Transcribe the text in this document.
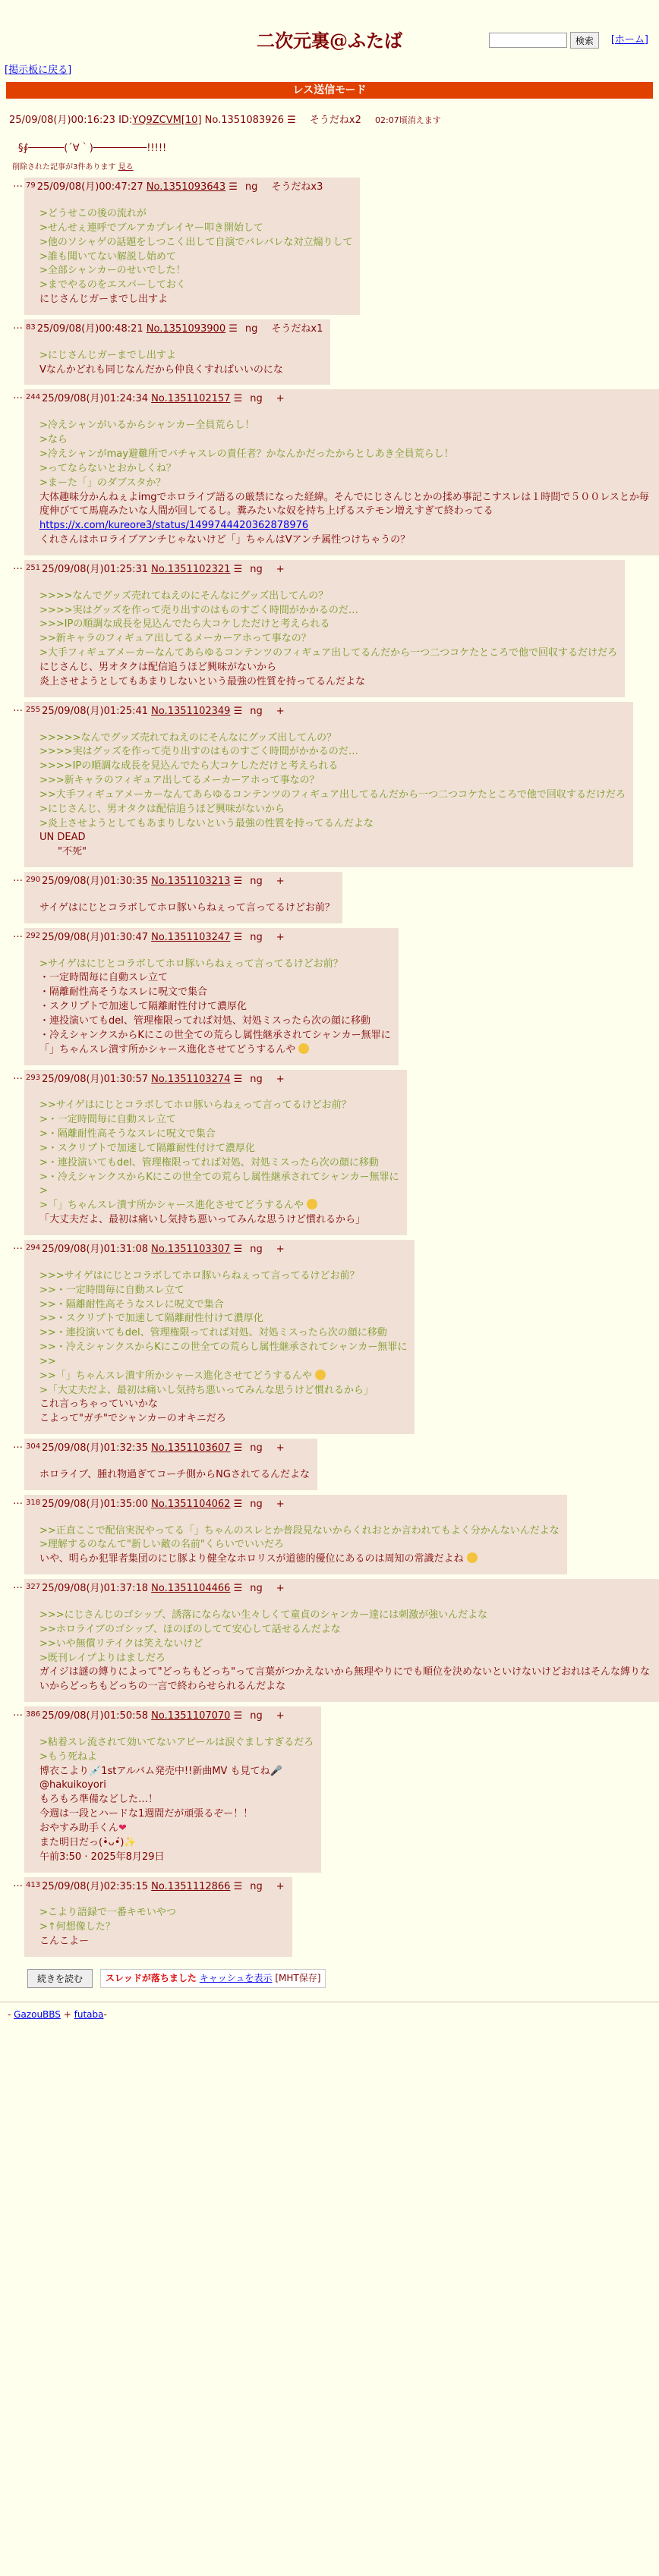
二次元裏@ふたば	検索	[ホーム]
[掲示板に戻る]
レス送信モード
25/09/08(月)00:16:23 ID:YQ9ZCVM[10] No.1351083926 ☰ そうだねx2 02:07頃消えます
§∮──────(´∀｀)─────────!!!!!
削除された記事が3件あります 見る
… $^{79}$ 25/09/08(月)00:47:27 No.1351093643 ☰ ng そうだねx3
>どうせこの後の流れが
>せんせぇ連呼でブルアカプレイヤー叩き開始して
>他のソシャゲの話題をしつこく出して自演でバレバレな対立煽りして
>誰も聞いてない解説し始めて
>全部シャンカーのせいでした！
>までやるのをエスパーしておく
にじさんじガーまでし出すよ
… $^{83}$ 25/09/08(月)00:48:21 No.1351093900 ☰ ng そうだねx1
>にじさんじガーまでし出すよ
Vなんかどれも同じなんだから仲良くすればいいのにな
… $^{244}$ 25/09/08(月)01:24:34 No.1351102157 ☰ ng +
>冷えシャンがいるからシャンカー全員荒らし！
>なら
>冷えシャンがmay避難所でバチャスレの責任者？かなんかだったからとしあき全員荒らし！
>ってならないとおかしくね？
>まーた「」のダブスタか？
大体趣味分かんねぇよimgでホロライブ語るの厳禁になった経緯。そんでにじさんじとかの揉め事記こすスレは１時間で５００レスとか毎度伸びてて馬鹿みたいな人間が回してるし。糞みたいな奴を持ち上げるステモン増えすぎて終わってる
https://x.com/kureore3/status/1499744420362878976
くれさんはホロライブアンチじゃないけど「」ちゃんはVアンチ属性つけちゃうの？
… $^{251}$ 25/09/08(月)01:25:31 No.1351102321 ☰ ng +
>>>>なんでグッズ売れてねえのにそんなにグッズ出してんの？
>>>>実はグッズを作って売り出すのはものすごく時間がかかるのだ…
>>>IPの順調な成長を見込んでたら大コケしただけと考えられる
>>新キャラのフィギュア出してるメーカーアホって事なの？
>大手フィギュアメーカーなんてあらゆるコンテンツのフィギュア出してるんだから一つ二つコケたところで他で回収するだけだろ
にじさんじ、男オタクは配信追うほど興味がないから
炎上させようとしてもあまりしないという最強の性質を持ってるんだよな
… $^{255}$ 25/09/08(月)01:25:41 No.1351102349 ☰ ng +
>>>>>なんでグッズ売れてねえのにそんなにグッズ出してんの？
>>>>実はグッズを作って売り出すのはものすごく時間がかかるのだ…
>>>>IPの順調な成長を見込んでたら大コケしただけと考えられる
>>>新キャラのフィギュア出してるメーカーアホって事なの？
>>大手フィギュアメーカーなんてあらゆるコンテンツのフィギュア出してるんだから一つ二つコケたところで他で回収するだけだろ
>にじさんじ、男オタクは配信追うほど興味がないから
>炎上させようとしてもあまりしないという最強の性質を持ってるんだよな
UN DEAD
"不死"
… $^{290}$ 25/09/08(月)01:30:35 No.1351103213 ☰ ng +
サイゲはにじとコラボしてホロ豚いらねぇって言ってるけどお前？
… $^{292}$ 25/09/08(月)01:30:47 No.1351103247 ☰ ng +
>サイゲはにじとコラボしてホロ豚いらねぇって言ってるけどお前？
・一定時間毎に自動スレ立て
・隔離耐性高そうなスレに呪文で集合
・スクリプトで加速して隔離耐性付けて濃厚化
・連投演いてもdel、管理権限ってれば対処、対処ミスったら次の顔に移動
・冷えシャンクスからKにこの世全ての荒らし属性継承されてシャンカー無罪に
「」ちゃんスレ潰す所かシャース進化させてどうするんや
… $^{293}$ 25/09/08(月)01:30:57 No.1351103274 ☰ ng +
>>サイゲはにじとコラボしてホロ豚いらねぇって言ってるけどお前？
>・一定時間毎に自動スレ立て
>・隔離耐性高そうなスレに呪文で集合
>・スクリプトで加速して隔離耐性付けて濃厚化
>・連投演いてもdel、管理権限ってれば対処、対処ミスったら次の顔に移動
>・冷えシャンクスからKにこの世全ての荒らし属性継承されてシャンカー無罪に
>
>「」ちゃんスレ潰す所かシャース進化させてどうするんや
「大丈夫だよ、最初は痛いし気持ち悪いってみんな思うけど慣れるから」
… $^{294}$ 25/09/08(月)01:31:08 No.1351103307 ☰ ng +
>>>サイゲはにじとコラボしてホロ豚いらねぇって言ってるけどお前？
>>・一定時間毎に自動スレ立て
>>・隔離耐性高そうなスレに呪文で集合
>>・スクリプトで加速して隔離耐性付けて濃厚化
>>・連投演いてもdel、管理権限ってれば対処、対処ミスったら次の顔に移動
>>・冷えシャンクスからKにこの世全ての荒らし属性継承されてシャンカー無罪に
>>
>>「」ちゃんスレ潰す所かシャース進化させてどうするんや
>「大丈夫だよ、最初は痛いし気持ち悪いってみんな思うけど慣れるから」
これ言っちゃっていいかな
こよって"ガチ"でシャンカーのオキニだろ
… $^{304}$ 25/09/08(月)01:32:35 No.1351103607 ☰ ng +
ホロライブ、腫れ物過ぎてコーチ側からNGされてるんだよな
… $^{318}$ 25/09/08(月)01:35:00 No.1351104062 ☰ ng +
>>正直ここで配信実況やってる「」ちゃんのスレとか普段見ないからくれおとか言われてもよく分かんないんだよな
>理解するのなんて"新しい敵の名前"くらいでいいだろ
いや、明らか犯罪者集団のにじ豚より健全なホロリスが道徳的優位にあるのは周知の常識だよね
… $^{327}$ 25/09/08(月)01:37:18 No.1351104466 ☰ ng +
>>>にじさんじのゴシップ、誘落にならない生々しくて童貞のシャンカー達には刺激が強いんだよな
>>ホロライブのゴシップ、ほのぼのしてて安心して話せるんだよな
>>いや無償リテイクは笑えないけど
>既刊レイプよりはましだろ
ガイジは謎の縛りによって"どっちもどっち"って言葉がつかえないから無理やりにでも順位を決めないといけないけどおれはそんな縛りないからどっちもどっちの一言で終わらせられるんだよな
… $^{386}$ 25/09/08(月)01:50:58 No.1351107070 ☰ ng +
>粘着スレ流されて効いてないアピールは涙ぐましすぎるだろ
>もう死ねよ
博衣こより💉1stアルバム発売中!!新曲MV も見てね🎤
@hakuikoyori
もろもろ準備などした…！
今週は一段とハードな1週間だが頑張るぞー！！
おやすみ助手くん❤
また明日だっ(•̀ᴗ•́)✨
午前3:50 · 2025年8月29日
… $^{413}$ 25/09/08(月)02:35:15 No.1351112866 ☰ ng +
>こより語録で一番キモいやつ
>↑何想像した？
こんこよー
続きを読む	スレッドが落ちました キャッシュを表示 [MHT保存]
- GazouBBS + futaba-
